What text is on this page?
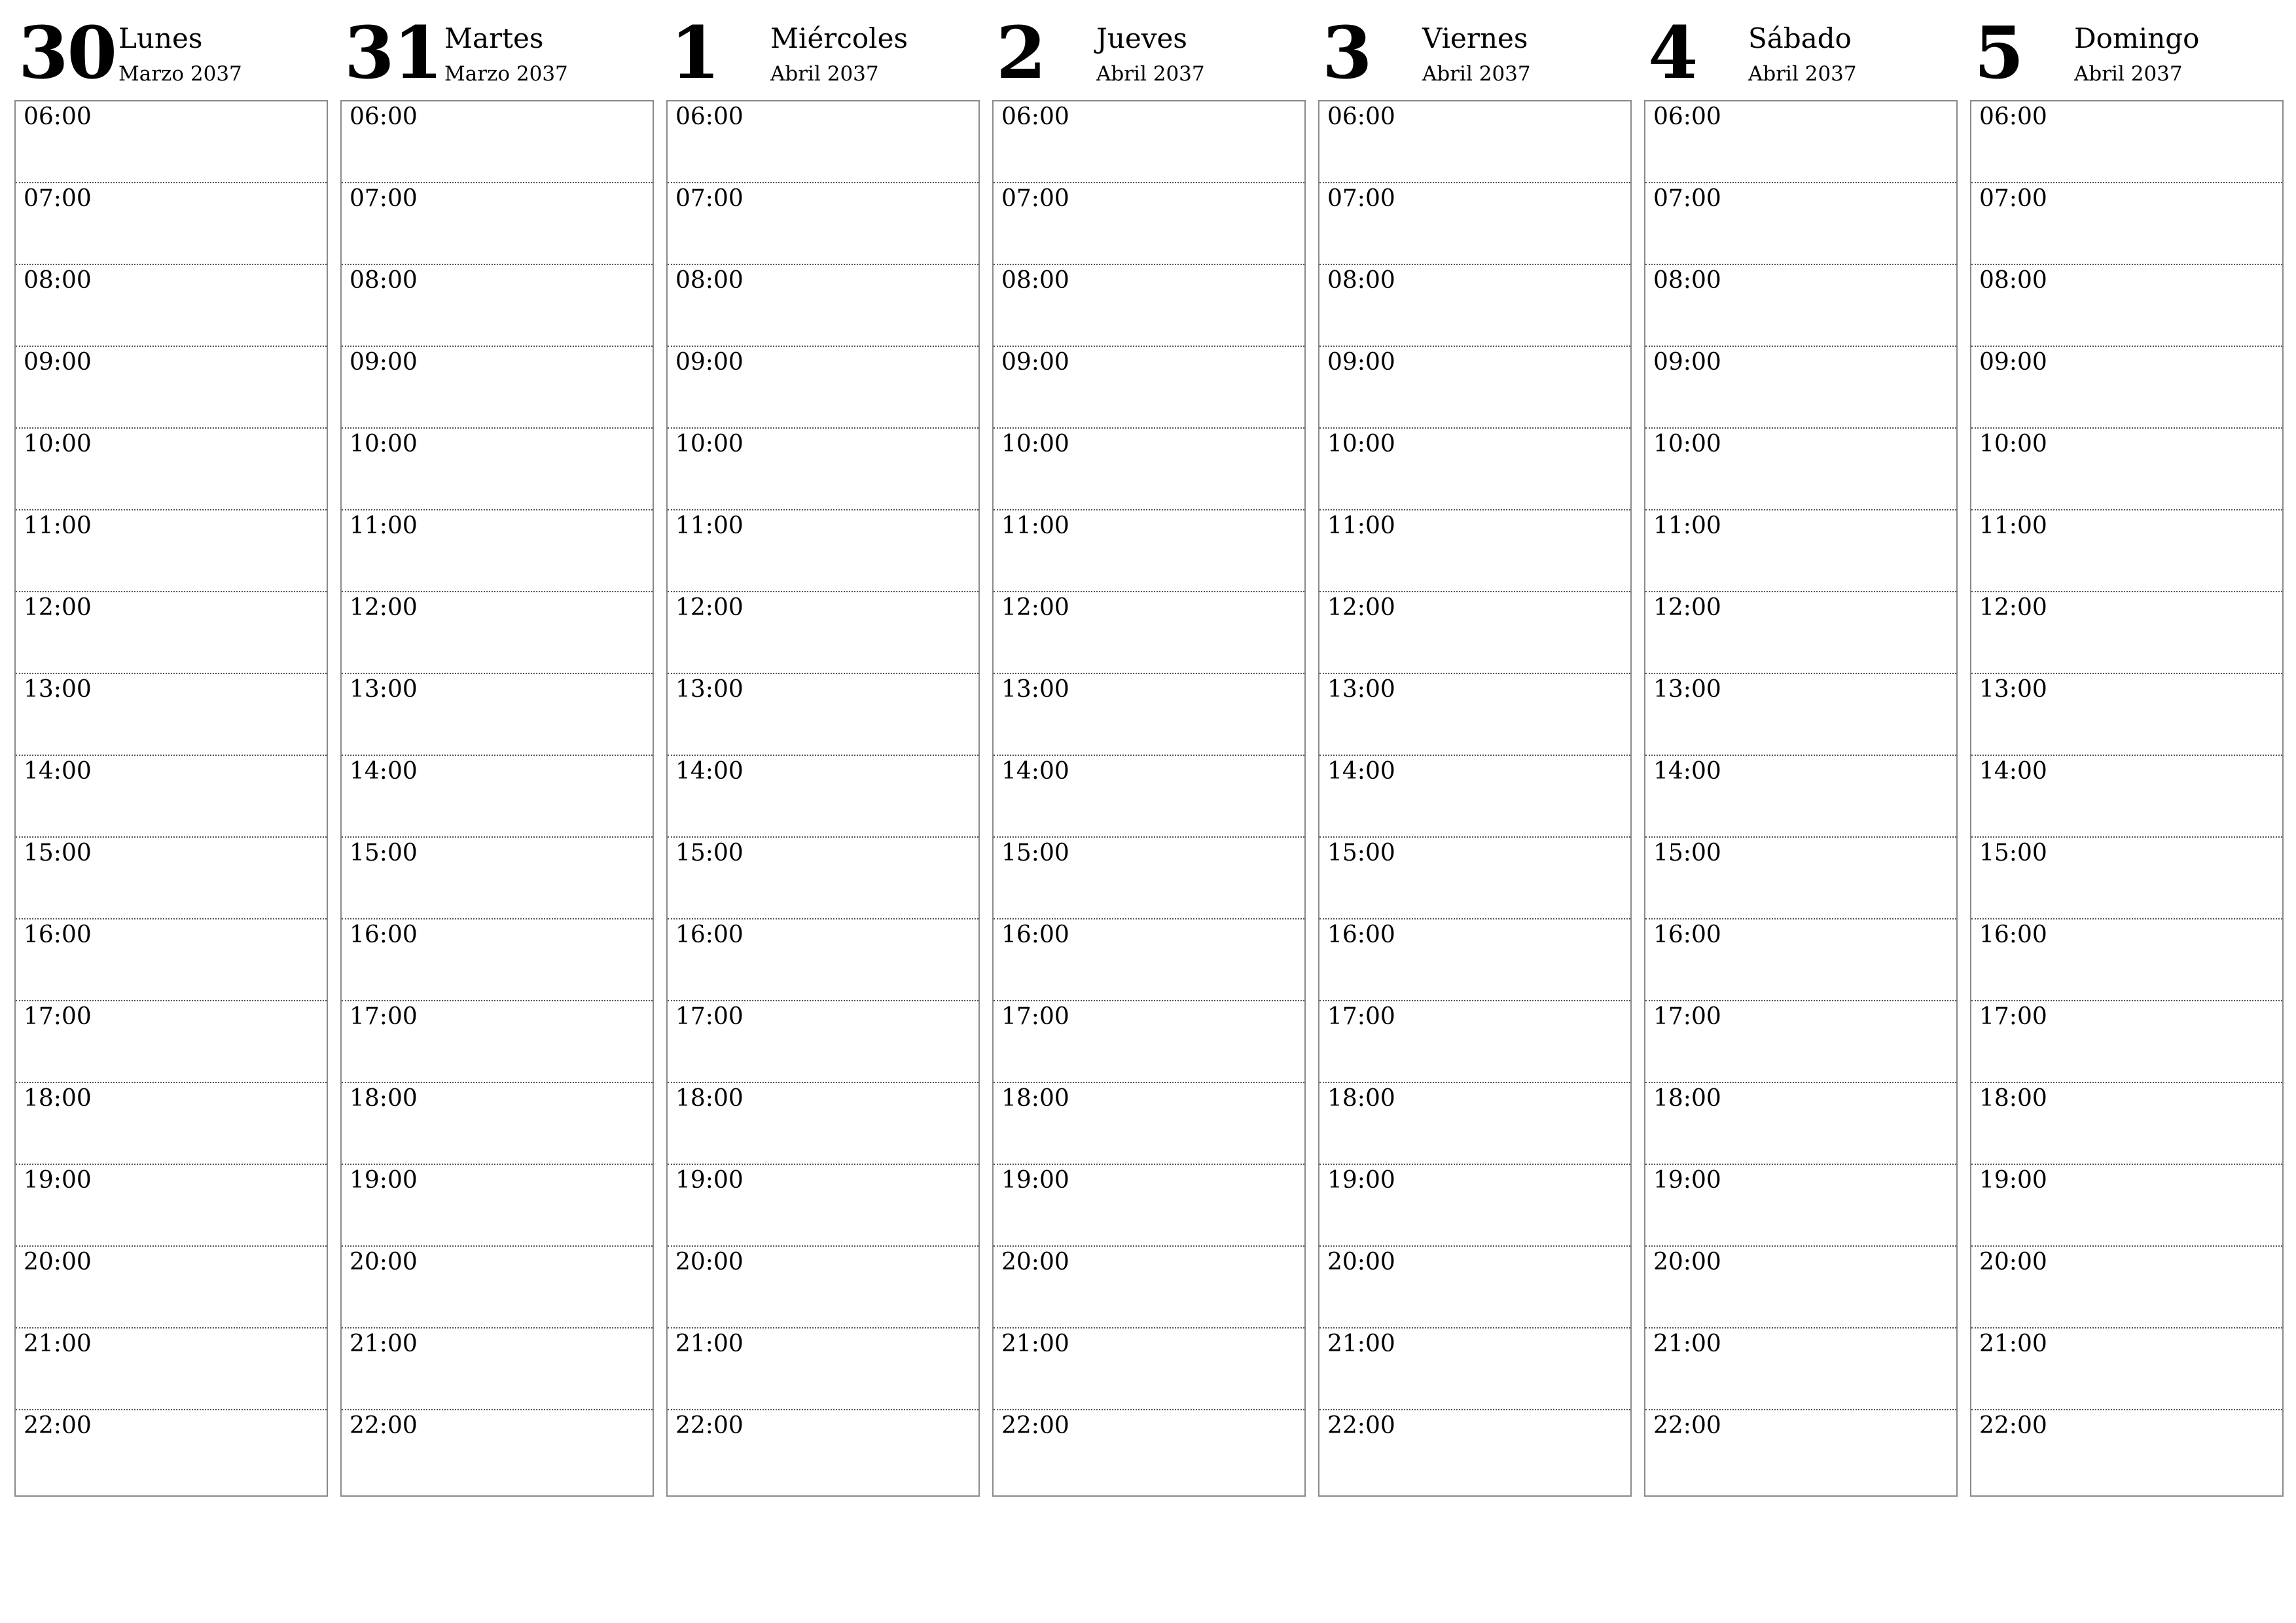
30 Lunes
Marzo 2037
06:00
07:00
08:00
09:00
10:00
11:00
12:00
13:00
14:00
15:00
16:00
17:00
18:00
19:00
20:00
21:00
22:00
31 Martes
Marzo 2037
06:00
07:00
08:00
09:00
10:00
11:00
12:00
13:00
14:00
15:00
16:00
17:00
18:00
19:00
20:00
21:00
22:00
1 Miércoles
Abril 2037
06:00
07:00
08:00
09:00
10:00
11:00
12:00
13:00
14:00
15:00
16:00
17:00
18:00
19:00
20:00
21:00
22:00
2 Jueves
Abril 2037
06:00
07:00
08:00
09:00
10:00
11:00
12:00
13:00
14:00
15:00
16:00
17:00
18:00
19:00
20:00
21:00
22:00
3 Viernes
Abril 2037
06:00
07:00
08:00
09:00
10:00
11:00
12:00
13:00
14:00
15:00
16:00
17:00
18:00
19:00
20:00
21:00
22:00
4 Sábado
Abril 2037
06:00
07:00
08:00
09:00
10:00
11:00
12:00
13:00
14:00
15:00
16:00
17:00
18:00
19:00
20:00
21:00
22:00
5 Domingo
Abril 2037
06:00
07:00
08:00
09:00
10:00
11:00
12:00
13:00
14:00
15:00
16:00
17:00
18:00
19:00
20:00
21:00
22:00
